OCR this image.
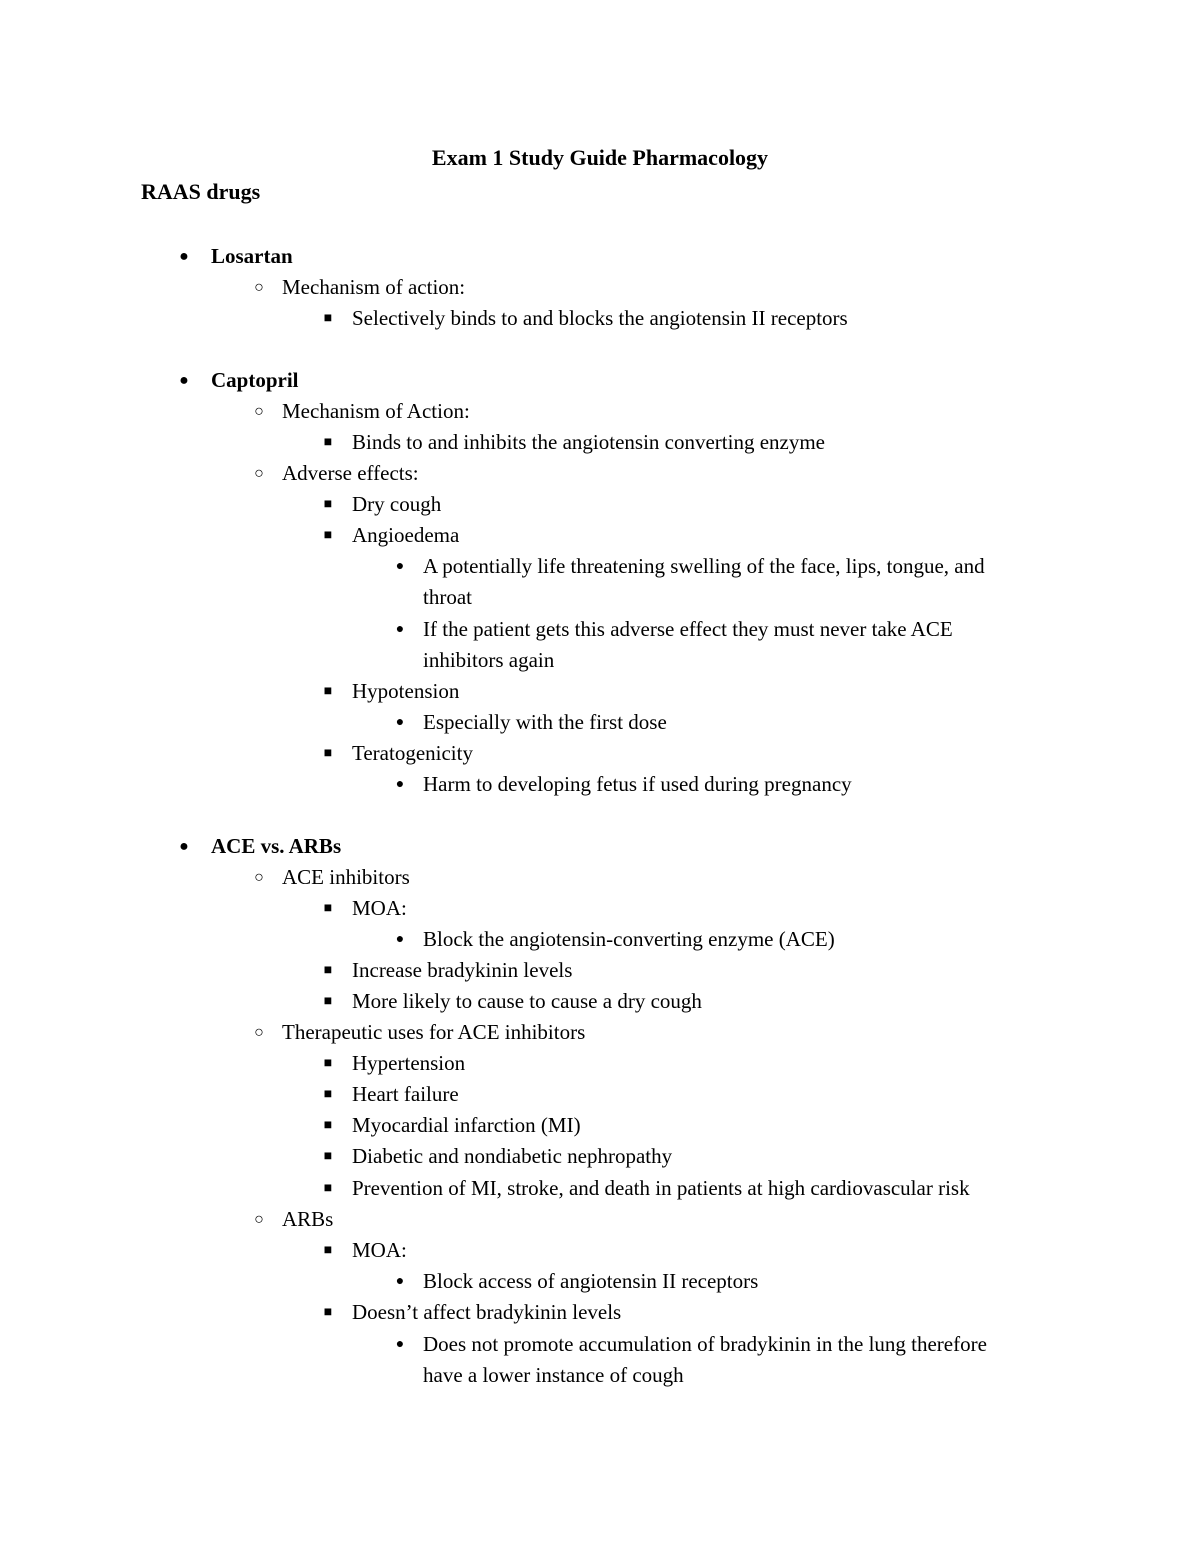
Exam 1 Study Guide Pharmacology
RAAS drugs
● Losartan
○ Mechanism of action:
■ Selectively binds to and blocks the angiotensin II receptors
● Captopril
○ Mechanism of Action:
■ Binds to and inhibits the angiotensin converting enzyme
○ Adverse effects:
■ Dry cough
■ Angioedema
● A potentially life threatening swelling of the face, lips, tongue, and
throat
● If the patient gets this adverse effect they must never take ACE
inhibitors again
■ Hypotension
● Especially with the first dose
■ Teratogenicity
● Harm to developing fetus if used during pregnancy
● ACE vs. ARBs
○ ACE inhibitors
■ MOA:
● Block the angiotensin-converting enzyme (ACE)
■ Increase bradykinin levels
■ More likely to cause to cause a dry cough
○ Therapeutic uses for ACE inhibitors
■ Hypertension
■ Heart failure
■ Myocardial infarction (MI)
■ Diabetic and nondiabetic nephropathy
■ Prevention of MI, stroke, and death in patients at high cardiovascular risk
○ ARBs
■ MOA:
● Block access of angiotensin II receptors
■ Doesn’t affect bradykinin levels
● Does not promote accumulation of bradykinin in the lung therefore
have a lower instance of cough
